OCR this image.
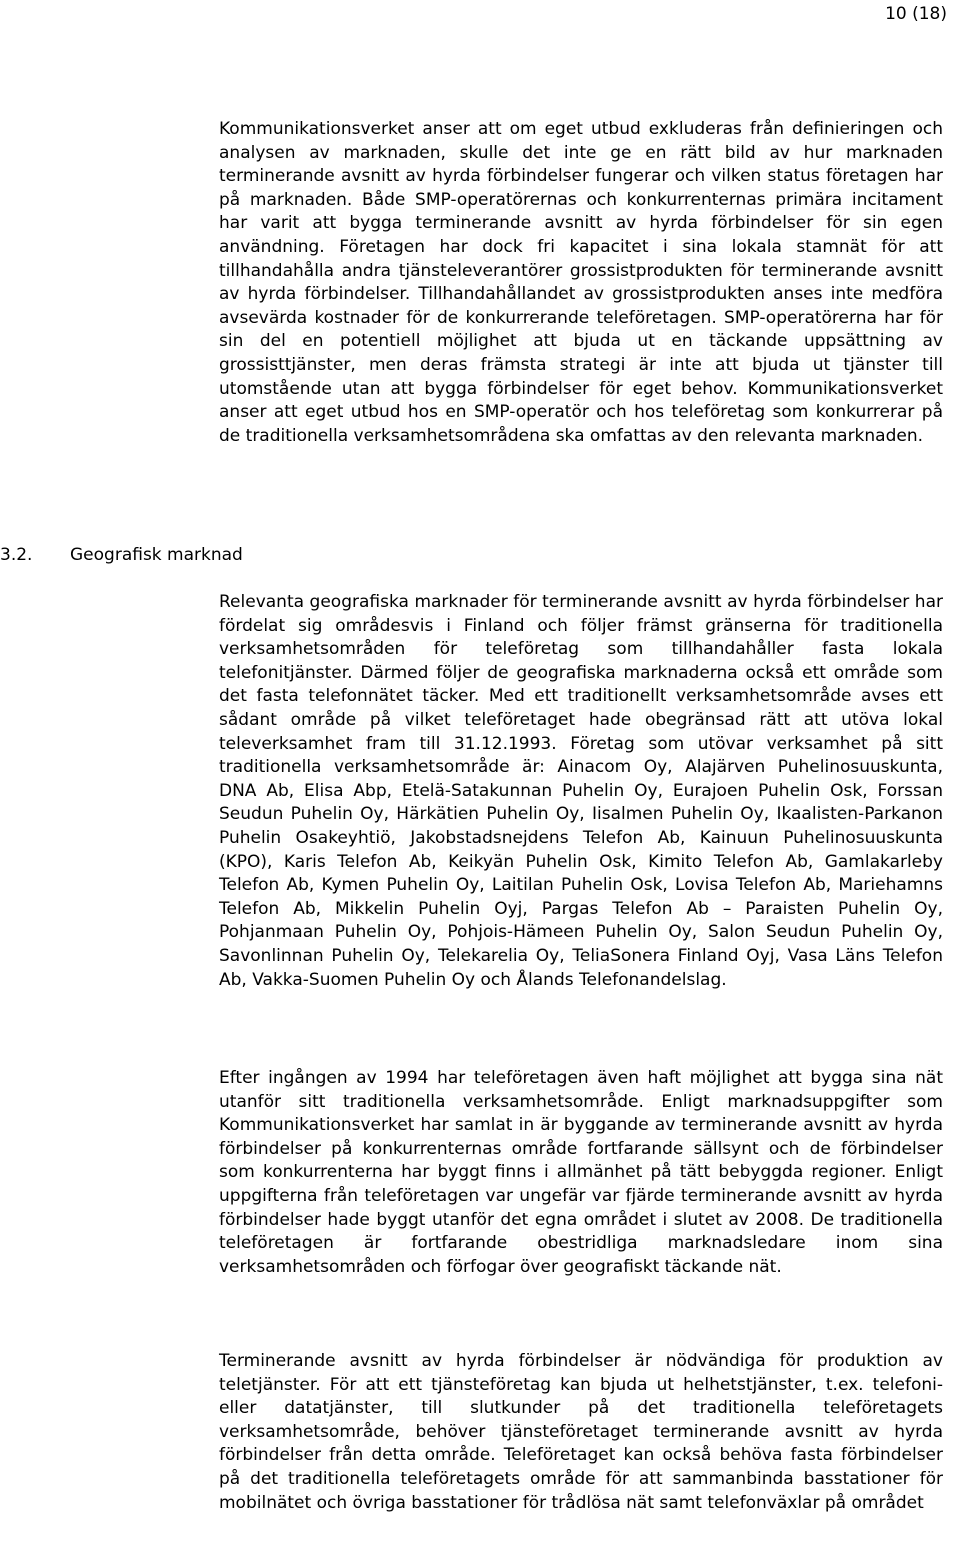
10 (18)
3.2. Geografisk marknad

Kommunikationsverket anser att om eget utbud exkluderas från definieringen och analysen av marknaden, skulle det inte ge en rätt bild av hur marknaden terminerande avsnitt av hyrda förbindelser fungerar och vilken status företagen har på marknaden. Både SMP-operatörernas och konkurrenternas primära incitament har varit att bygga terminerande avsnitt av hyrda förbindelser för sin egen användning. Företagen har dock fri kapacitet i sina lokala stamnät för att tillhandahålla andra tjänsteleverantörer grossistprodukten för terminerande avsnitt av hyrda förbindelser. Tillhandahållandet av grossistprodukten anses inte medföra avsevärda kostnader för de konkurrerande teleföretagen. SMP-operatörerna har för sin del en potentiell möjlighet att bjuda ut en täckande uppsättning av grossisttjänster, men deras främsta strategi är inte att bjuda ut tjänster till utomstående utan att bygga förbindelser för eget behov. Kommunikationsverket anser att eget utbud hos en SMP-operatör och hos teleföretag som konkurrerar på de traditionella verksamhetsområdena ska omfattas av den relevanta marknaden.

Relevanta geografiska marknader för terminerande avsnitt av hyrda förbindelser har fördelat sig områdesvis i Finland och följer främst gränserna för traditionella verksamhetsområden för teleföretag som tillhandahåller fasta lokala telefonitjänster. Därmed följer de geografiska marknaderna också ett område som det fasta telefonnätet täcker. Med ett traditionellt verksamhetsområde avses ett sådant område på vilket teleföretaget hade obegränsad rätt att utöva lokal televerksamhet fram till 31.12.1993. Företag som utövar verksamhet på sitt traditionella verksamhetsområde är: Ainacom Oy, Alajärven Puhelinosuuskunta, DNA Ab, Elisa Abp, Etelä-Satakunnan Puhelin Oy, Eurajoen Puhelin Osk, Forssan Seudun Puhelin Oy, Härkätien Puhelin Oy, Iisalmen Puhelin Oy, Ikaalisten-Parkanon Puhelin Osakeyhtiö, Jakobstadsnejdens Telefon Ab, Kainuun Puhelinosuuskunta (KPO), Karis Telefon Ab, Keikyän Puhelin Osk, Kimito Telefon Ab, Gamlakarleby Telefon Ab, Kymen Puhelin Oy, Laitilan Puhelin Osk, Lovisa Telefon Ab, Mariehamns Telefon Ab, Mikkelin Puhelin Oyj, Pargas Telefon Ab – Paraisten Puhelin Oy, Pohjanmaan Puhelin Oy, Pohjois-Hämeen Puhelin Oy, Salon Seudun Puhelin Oy, Savonlinnan Puhelin Oy, Telekarelia Oy, TeliaSonera Finland Oyj, Vasa Läns Telefon Ab, Vakka-Suomen Puhelin Oy och Ålands Telefonandelslag.

Efter ingången av 1994 har teleföretagen även haft möjlighet att bygga sina nät utanför sitt traditionella verksamhetsområde. Enligt marknadsuppgifter som Kommunikationsverket har samlat in är byggande av terminerande avsnitt av hyrda förbindelser på konkurrenternas område fortfarande sällsynt och de förbindelser som konkurrenterna har byggt finns i allmänhet på tätt bebyggda regioner. Enligt uppgifterna från teleföretagen var ungefär var fjärde terminerande avsnitt av hyrda förbindelser hade byggt utanför det egna området i slutet av 2008. De traditionella teleföretagen är fortfarande obestridliga marknadsledare inom sina verksamhetsområden och förfogar över geografiskt täckande nät.

Terminerande avsnitt av hyrda förbindelser är nödvändiga för produktion av teletjänster. För att ett tjänsteföretag kan bjuda ut helhetstjänster, t.ex. telefoni- eller datatjänster, till slutkunder på det traditionella teleföretagets verksamhetsområde, behöver tjänsteföretaget terminerande avsnitt av hyrda förbindelser från detta område. Teleföretaget kan också behöva fasta förbindelser på det traditionella teleföretagets område för att sammanbinda basstationer för mobilnätet och övriga basstationer för trådlösa nät samt telefonväxlar på området
